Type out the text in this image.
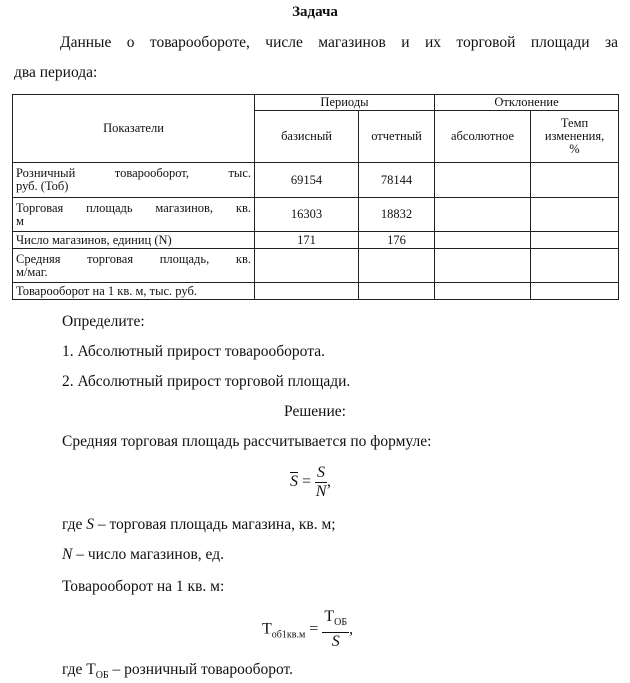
Задача
Данные о товарообороте, числе магазинов и их торговой площади за
два периода:
Показатели	Периоды		Отклонение	
	базисный	отчетный	абсолютное	Темп
изменения,
%

Розничный товарооборот, тыс.
руб. (Тоб)	69154	78144		

Торговая площадь магазинов, кв.
м	16303	18832		
Число магазинов, единиц (N)	171	176		

Средняя торговая площадь, кв.
м/маг.				

Товарооборот на 1 кв. м, тыс. руб.				
Определите:
1. Абсолютный прирост товарооборота.
2. Абсолютный прирост торговой площади.
Решение:
Средняя торговая площадь рассчитывается по формуле:
$\overline{S} = \frac{S}{N}$ ,
где S – торговая площадь магазина, кв. м;
N – число магазинов, ед.
Товарооборот на 1 кв. м:
$Т_{об1кв.м} = \frac{Т_{ОБ}}{S}$ ,
где $Т_{ОБ}$ – розничный товарооборот.
